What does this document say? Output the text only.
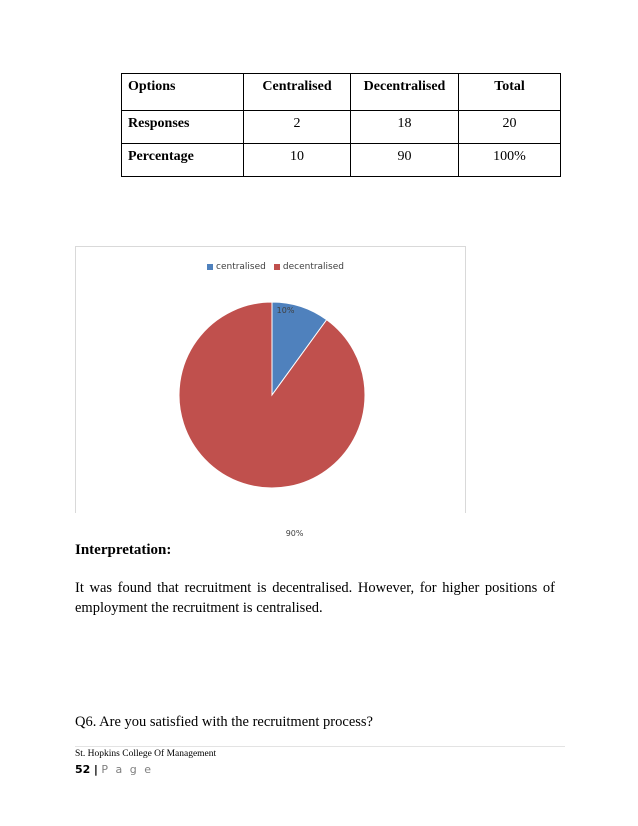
Options	Centralised	Decentralised	Total
Responses	2	18	20
Percentage	10	90	100%
centralised decentralised
10%
90%
Interpretation:
It was found that recruitment is decentralised. However, for higher positions of employment the recruitment is centralised.
Q6. Are you satisfied with the recruitment process?
St. Hopkins College Of Management
52 | P a g e
